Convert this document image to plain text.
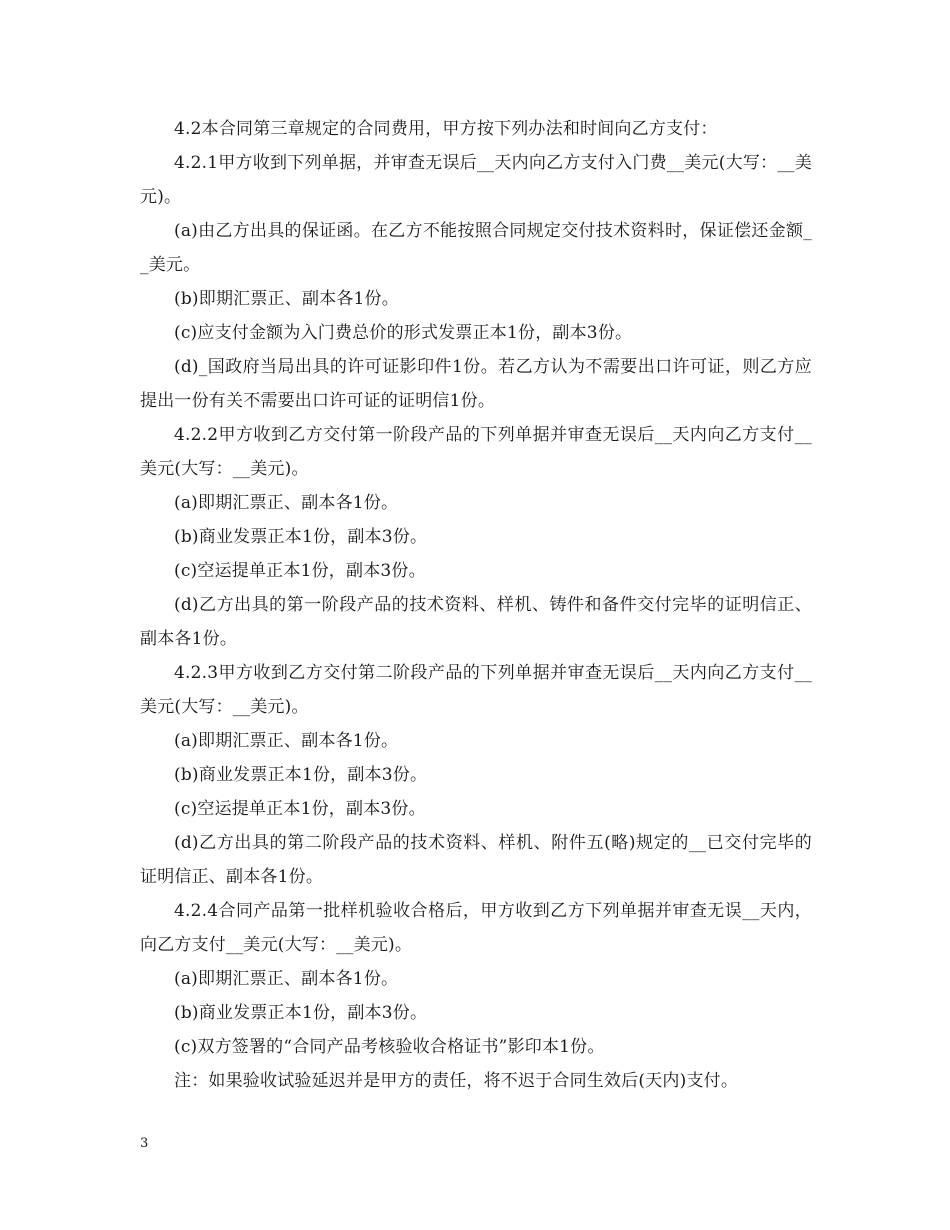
4.2本合同第三章规定的合同费用，甲方按下列办法和时间向乙方支付：

4.2.1甲方收到下列单据，并审查无误后__天内向乙方支付入门费__美元(大写：__美元)。

(a)由乙方出具的保证函。在乙方不能按照合同规定交付技术资料时，保证偿还金额__美元。

(b)即期汇票正、副本各1份。

(c)应支付金额为入门费总价的形式发票正本1份，副本3份。

(d)_国政府当局出具的许可证影印件1份。若乙方认为不需要出口许可证，则乙方应提出一份有关不需要出口许可证的证明信1份。

4.2.2甲方收到乙方交付第一阶段产品的下列单据并审查无误后__天内向乙方支付__美元(大写：__美元)。

(a)即期汇票正、副本各1份。

(b)商业发票正本1份，副本3份。

(c)空运提单正本1份，副本3份。

(d)乙方出具的第一阶段产品的技术资料、样机、铸件和备件交付完毕的证明信正、副本各1份。

4.2.3甲方收到乙方交付第二阶段产品的下列单据并审查无误后__天内向乙方支付__美元(大写：__美元)。

(a)即期汇票正、副本各1份。

(b)商业发票正本1份，副本3份。

(c)空运提单正本1份，副本3份。

(d)乙方出具的第二阶段产品的技术资料、样机、附件五(略)规定的__已交付完毕的证明信正、副本各1份。

4.2.4合同产品第一批样机验收合格后，甲方收到乙方下列单据并审查无误__天内，向乙方支付__美元(大写：__美元)。

(a)即期汇票正、副本各1份。

(b)商业发票正本1份，副本3份。

(c)双方签署的“合同产品考核验收合格证书”影印本1份。

注：如果验收试验延迟并是甲方的责任，将不迟于合同生效后(天内)支付。

3
